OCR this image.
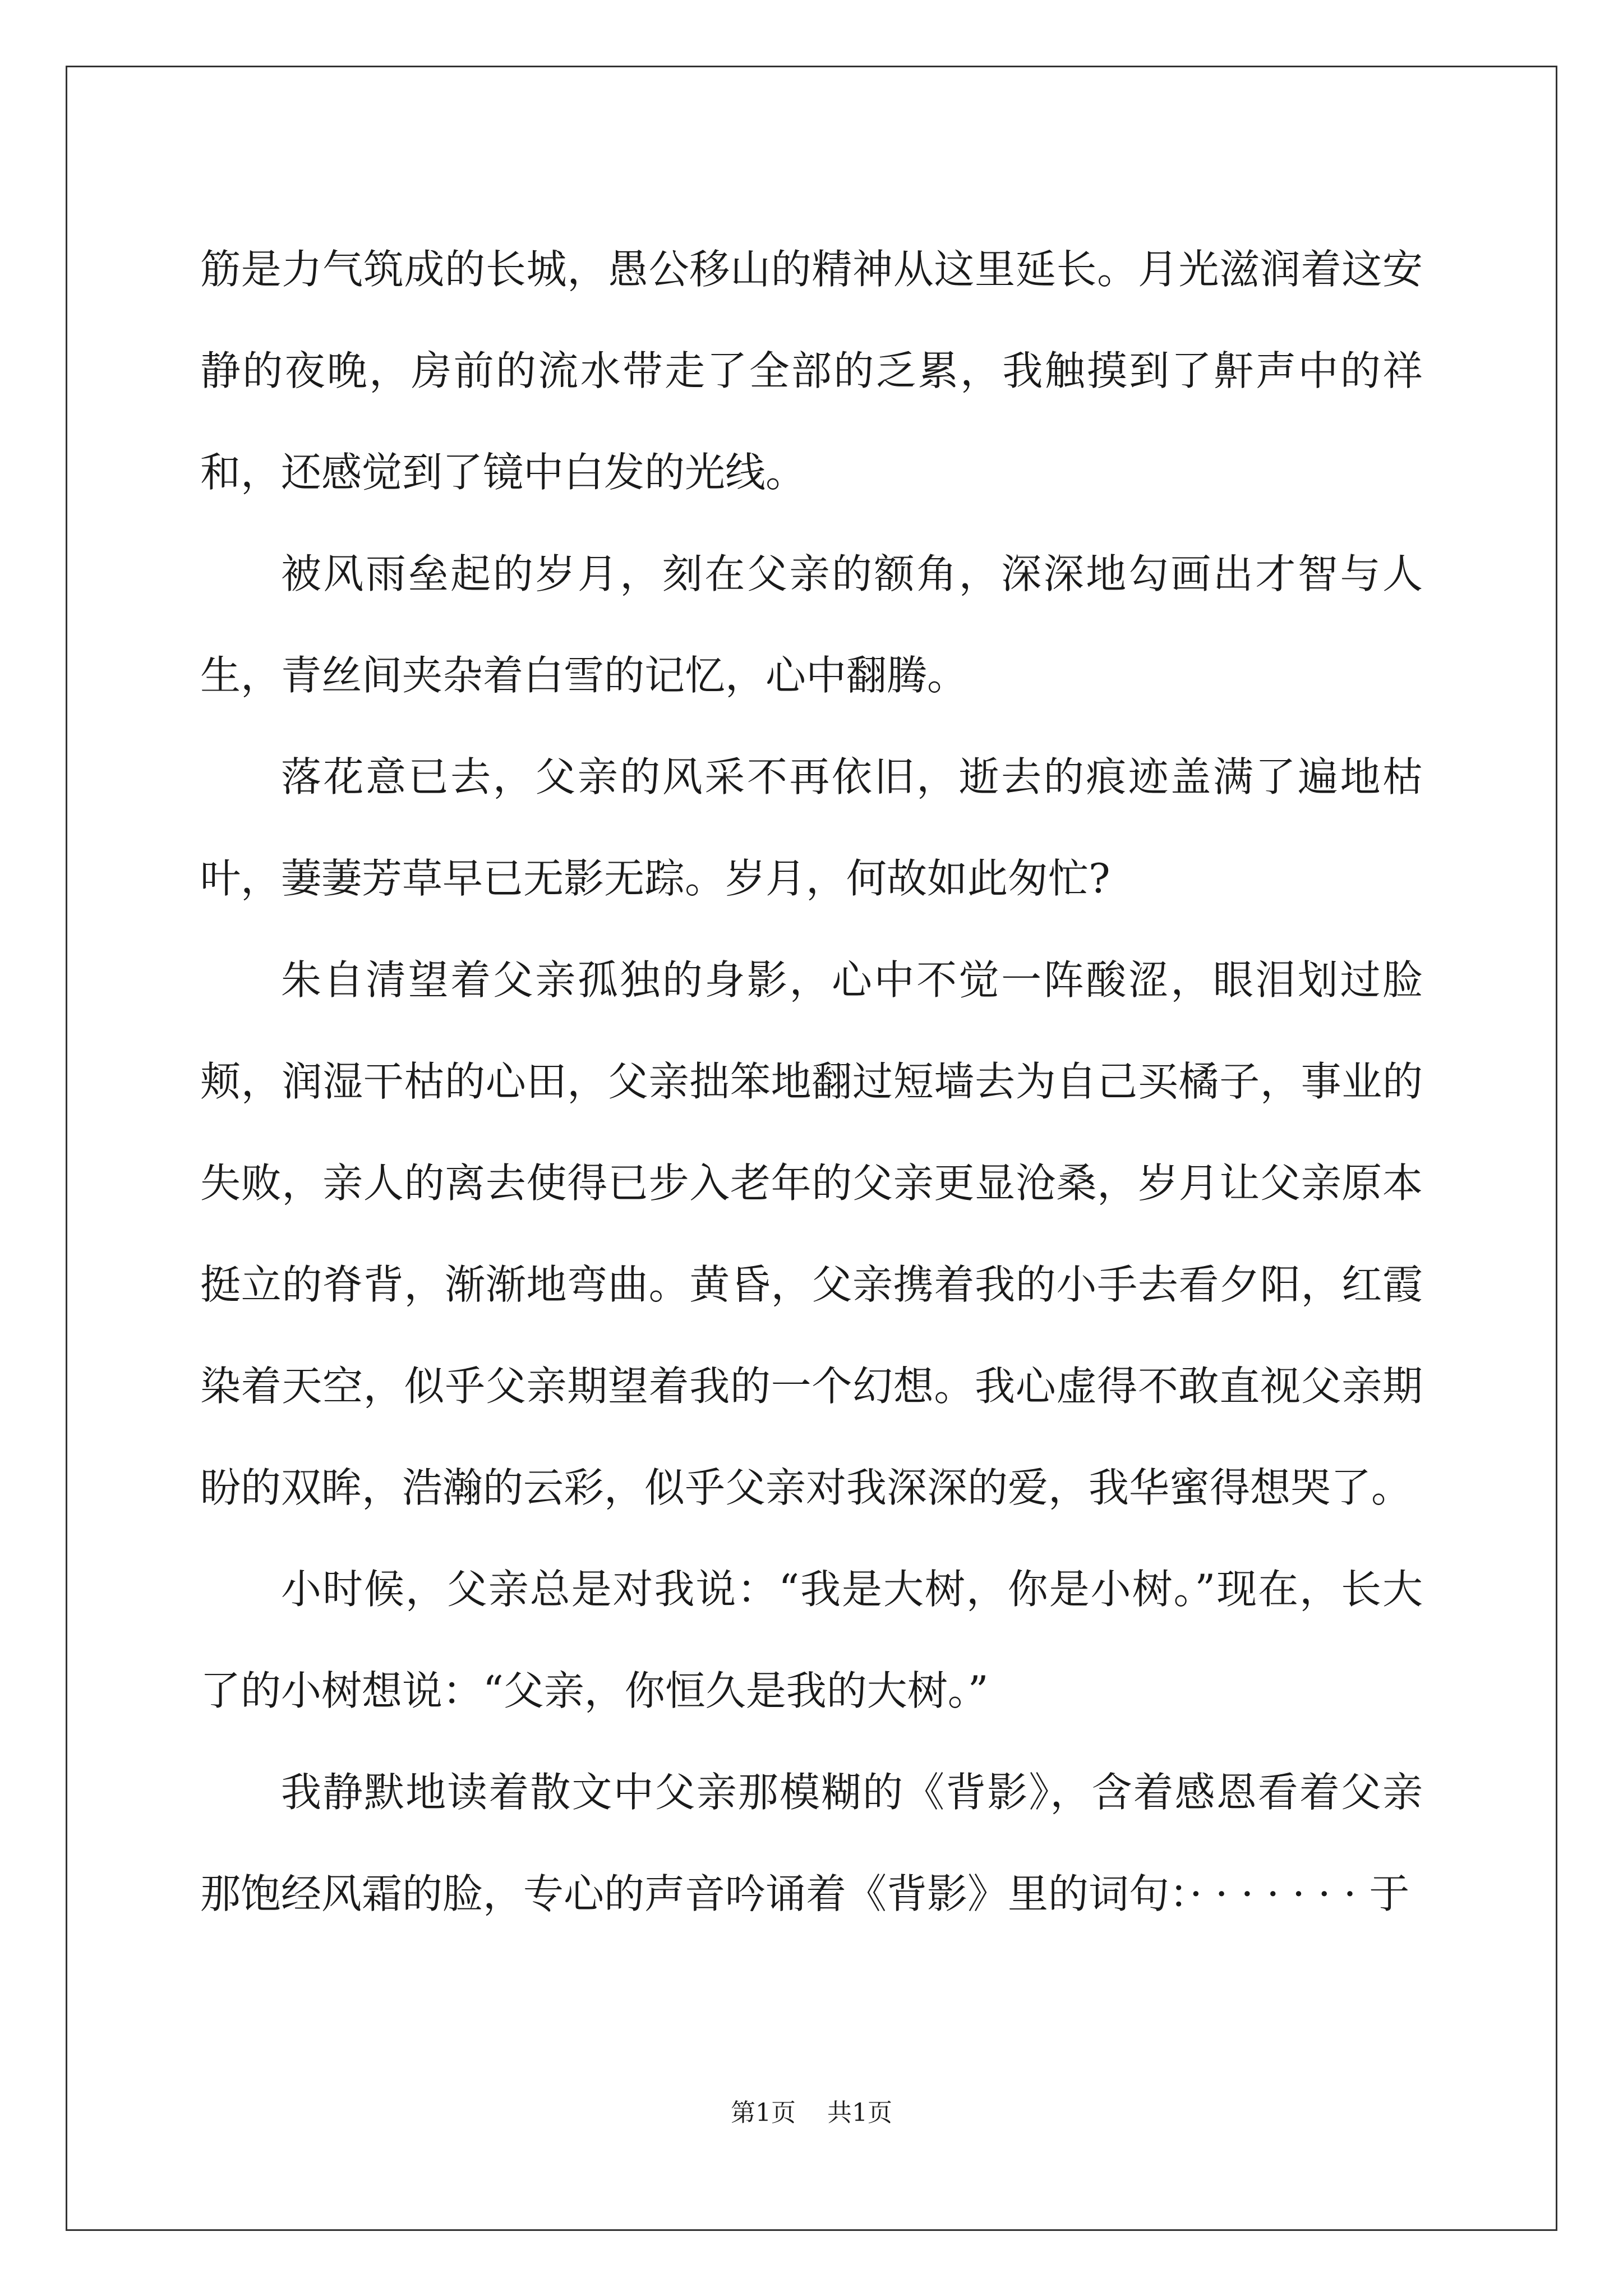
筋是力气筑成的长城，愚公移山的精神从这里延长。月光滋润着这安静的夜晚，房前的流水带走了全部的乏累，我触摸到了鼾声中的祥和，还感觉到了镜中白发的光线。

被风雨垒起的岁月，刻在父亲的额角，深深地勾画出才智与人生，青丝间夹杂着白雪的记忆，心中翻腾。

落花意已去，父亲的风采不再依旧，逝去的痕迹盖满了遍地枯叶，萋萋芳草早已无影无踪。岁月，何故如此匆忙?

朱自清望着父亲孤独的身影，心中不觉一阵酸涩，眼泪划过脸颊，润湿干枯的心田，父亲拙笨地翻过短墙去为自己买橘子，事业的失败，亲人的离去使得已步入老年的父亲更显沧桑，岁月让父亲原本挺立的脊背，渐渐地弯曲。黄昏，父亲携着我的小手去看夕阳，红霞染着天空，似乎父亲期望着我的一个幻想。我心虚得不敢直视父亲期盼的双眸，浩瀚的云彩，似乎父亲对我深深的爱，我华蜜得想哭了。

小时候，父亲总是对我说：“我是大树，你是小树。”现在，长大了的小树想说：“父亲，你恒久是我的大树。”

我静默地读着散文中父亲那模糊的《背影》，含着感恩看着父亲那饱经风霜的脸，专心的声音吟诵着《背影》里的词句：· · · · · · · 于

第1页    共1页
